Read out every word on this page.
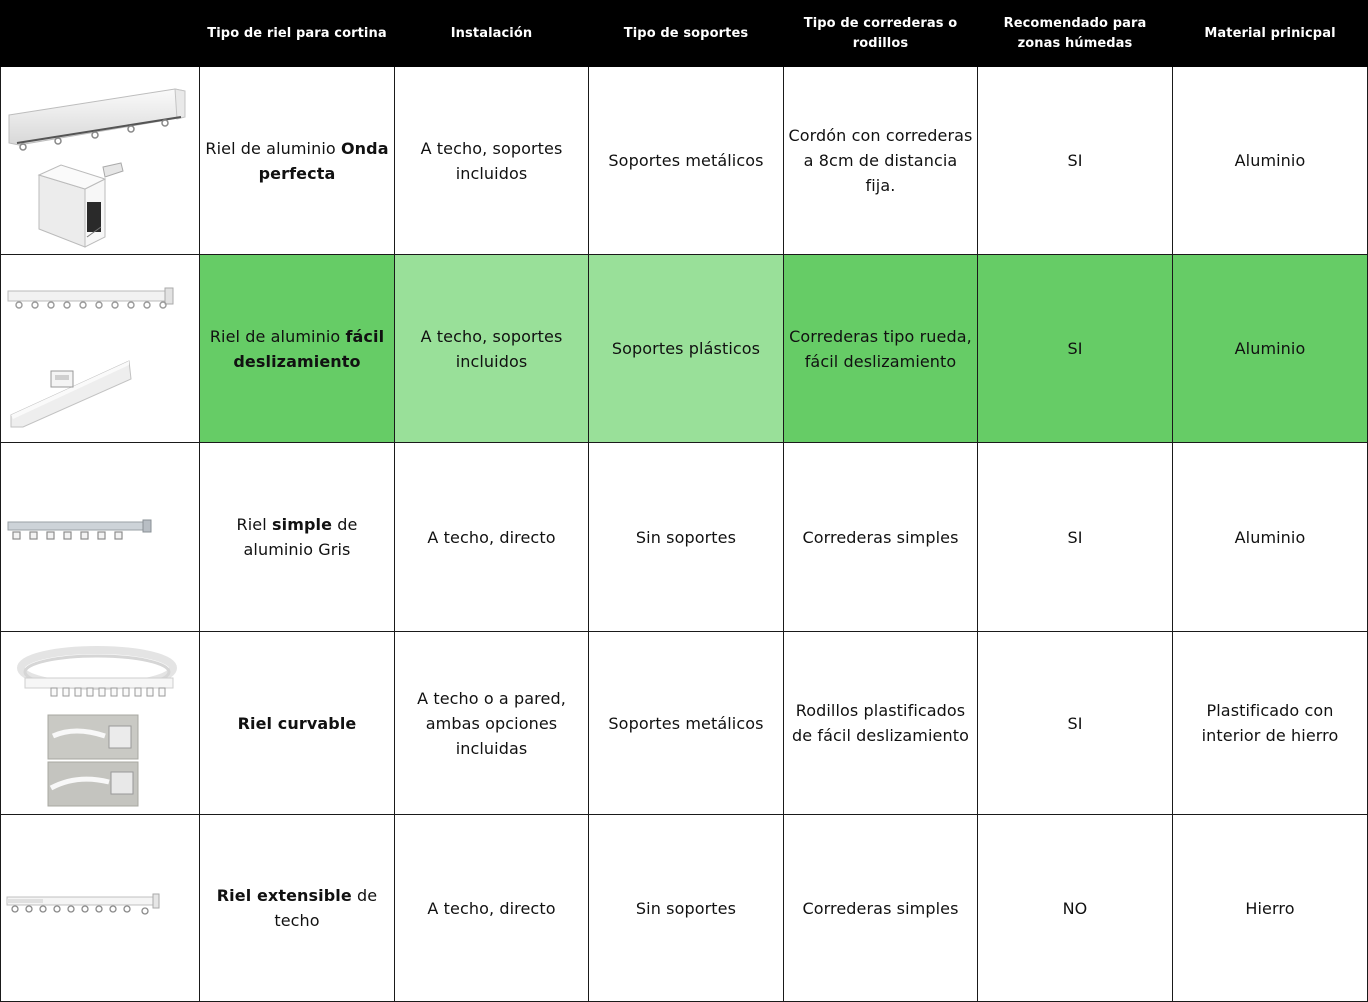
	Tipo de riel para cortina	Instalación	Tipo de soportes	Tipo de correderas o rodillos	Recomendado para zonas húmedas	Material prinicpal

	Riel de aluminio Onda perfecta	A techo, soportes incluidos	Soportes metálicos	Cordón con correderas a 8cm de distancia fija.	SI	Aluminio

	Riel de aluminio fácil deslizamiento	A techo, soportes incluidos	Soportes plásticos	Correderas tipo rueda, fácil deslizamiento	SI	Aluminio

	Riel simple de aluminio Gris	A techo, directo	Sin soportes	Correderas simples	SI	Aluminio

	Riel curvable	A techo o a pared, ambas opciones incluidas	Soportes metálicos	Rodillos plastificados de fácil deslizamiento	SI	Plastificado con interior de hierro

	Riel extensible de techo	A techo, directo	Sin soportes	Correderas simples	NO	Hierro
